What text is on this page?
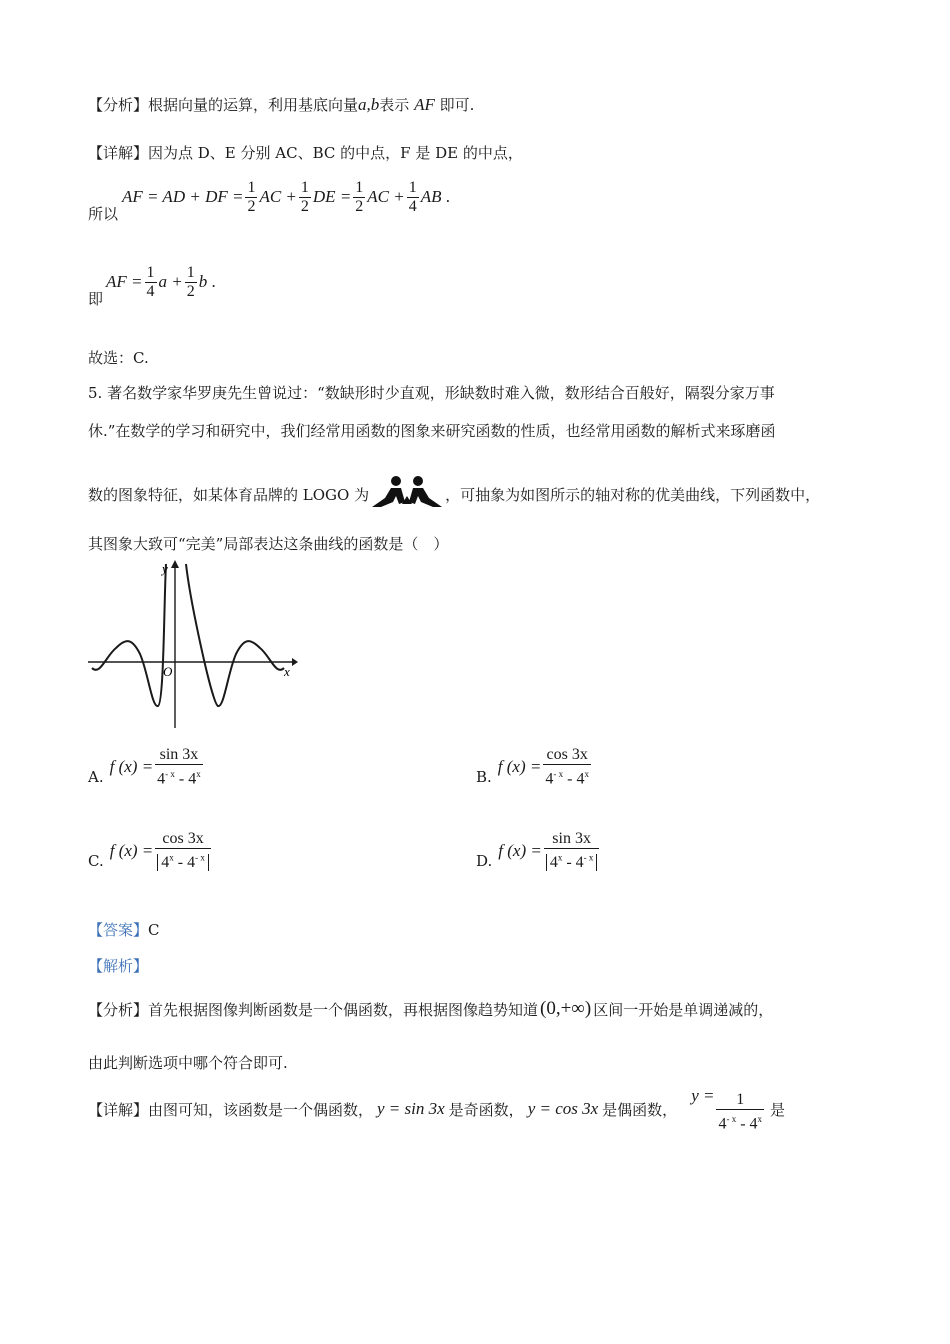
【分析】根据向量的运算，利用基底向量a,b表示 AF 即可.
【详解】因为点 D、E 分别 AC、BC 的中点，F 是 DE 的中点，
所以
AF = AD + DF = $\frac{1}{2}$ AC + $\frac{1}{2}$ DE = $\frac{1}{2}$ AC + $\frac{1}{4}$ AB .
即
AF = $\frac{1}{4}$ $a + \frac{1}{2}$ b .
故选：C.
5. 著名数学家华罗庚先生曾说过：“数缺形时少直观，形缺数时难入微，数形结合百般好，隔裂分家万事
休.”在数学的学习和研究中，我们经常用函数的图象来研究函数的性质，也经常用函数的解析式来琢磨函
数的图象特征，如某体育品牌的 LOGO 为	，可抽象为如图所示的轴对称的优美曲线，下列函数中，
其图象大致可“完美”局部表达这条曲线的函数是（　）
y
x
O
A.
f $(x) = \frac{\sin 3x}{4^{- x} - 4^x}$	B.
f $(x) = \frac{\cos 3x}{4^{- x} - 4^x}$
C.
f $(x) = \frac{\cos 3x}{4^x - 4^{- x}}$	D.
f $(x) = \frac{\sin 3x}{4^x - 4^{- x}}$
【答案】C
【解析】
【分析】首先根据图像判断函数是一个偶函数，再根据图像趋势知道 (0,+∞) 区间一开始是单调递减的，
由此判断选项中哪个符合即可.
【详解】由图可知，该函数是一个偶函数， y = sin 3x 是奇函数， y = cos 3x 是偶函数，
$y = \frac{1}{4^{- x} - 4^x}$ 是
